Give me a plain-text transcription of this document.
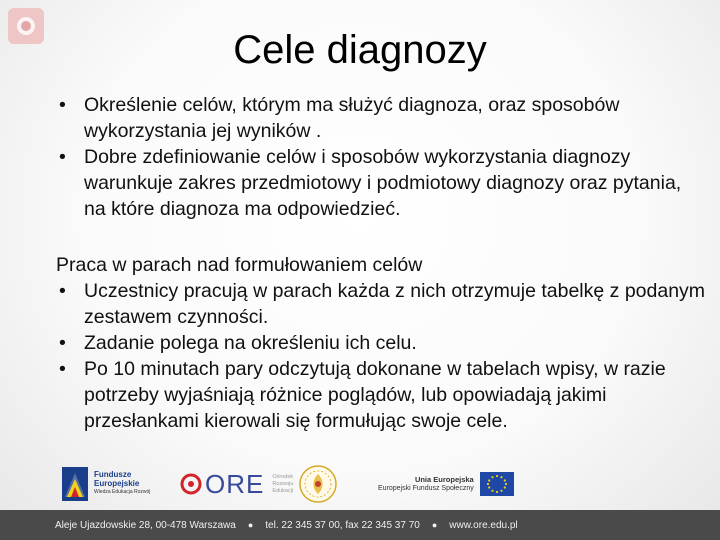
Cele diagnozy
• Określenie celów, którym ma służyć diagnoza, oraz sposobów wykorzystania jej wyników .
• Dobre zdefiniowanie celów i sposobów wykorzystania diagnozy warunkuje zakres przedmiotowy i podmiotowy diagnozy oraz pytania, na które diagnoza ma odpowiedzieć.
Praca w parach nad formułowaniem celów
• Uczestnicy pracują w parach każda z nich otrzymuje tabelkę z podanym zestawem czynności.
• Zadanie polega na określeniu ich celu.
• Po 10 minutach pary odczytują dokonane w tabelach wpisy, w razie potrzeby wyjaśniają różnice poglądów, lub opowiadają jakimi przesłankami kierowali się formułując swoje cele.
Fundusze
Europejskie
Wiedza Edukacja Rozwój ORE Ośrodek
Rozwoju
Edukacji
Unia Europejska
Europejski Fundusz Społeczny
Aleje Ujazdowskie 28, 00-478 Warszawa ● tel. 22 345 37 00, fax 22 345 37 70 ● www.ore.edu.pl
